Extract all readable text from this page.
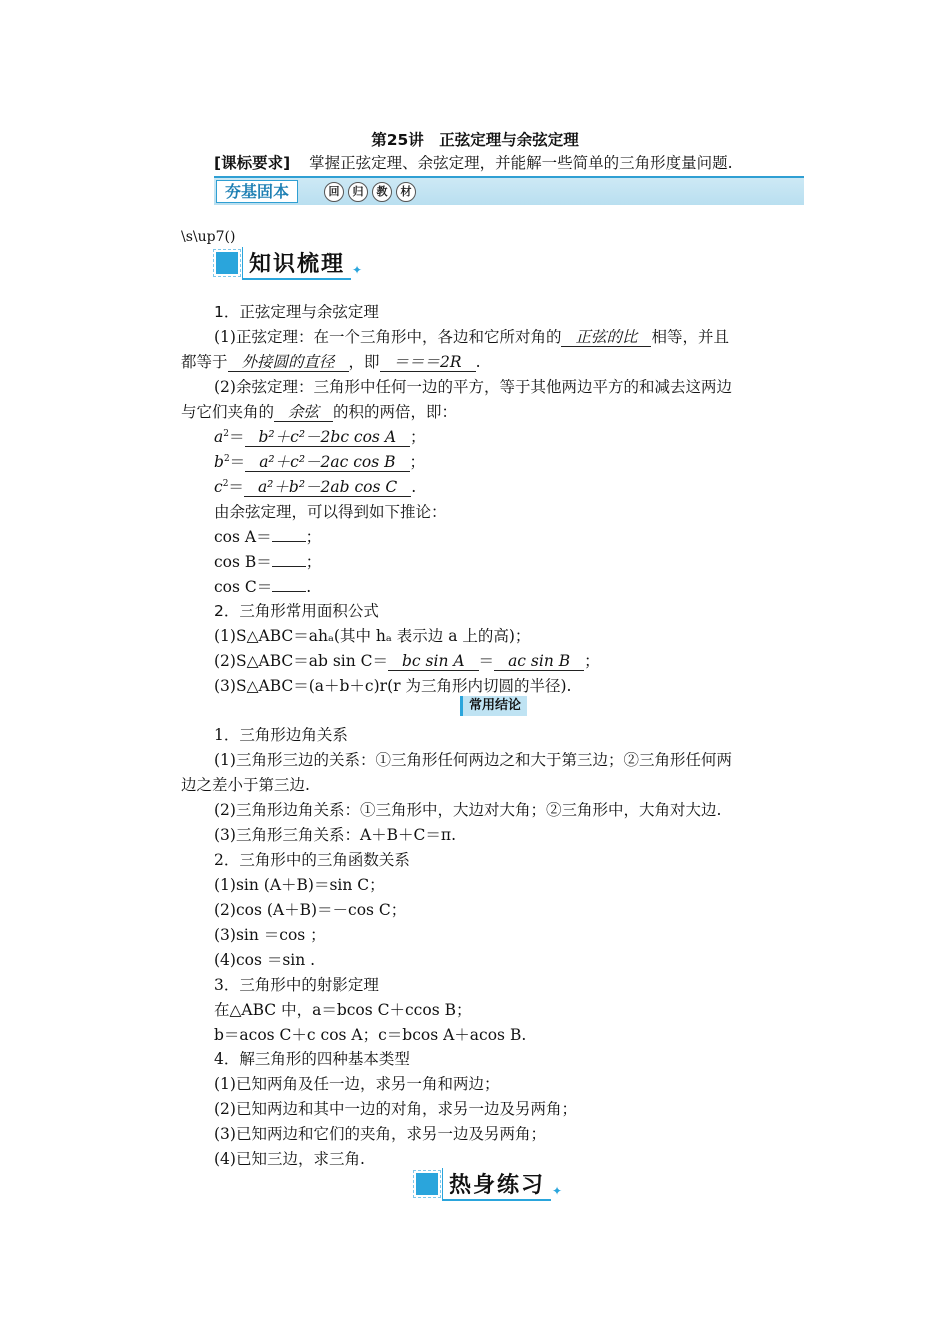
第25讲　正弦定理与余弦定理
[课标要求] 掌握正弦定理、余弦定理，并能解一些简单的三角形度量问题.
夯基固本	回	归	教	材
\s\up7()
知识梳理 ✦
1．正弦定理与余弦定理
(1)正弦定理：在一个三角形中，各边和它所对角的 正弦的比 相等，并且
都等于 外接圆的直径 ，即 ＝＝＝2R .
(2)余弦定理：三角形中任何一边的平方，等于其他两边平方的和减去这两边
与它们夹角的 余弦 的积的两倍，即：
$a^2= b^2+c^2-2bc$ cos A ；
$b^2= a^2+c^2-2ac$ cos B ；
$c^2= a^2+b^2-2ab$ cos C .
由余弦定理，可以得到如下推论：
cos A＝ ；
cos B＝ ；
cos C＝ .
2．三角形常用面积公式
(1)S△ABC＝ahₐ(其中 hₐ 表示边 a 上的高)；
(2)S△ABC＝ab sin C＝ bc sin A ＝ ac sin B ；
(3)S△ABC＝(a＋b＋c)r(r 为三角形内切圆的半径).
常用结论
1．三角形边角关系
(1)三角形三边的关系：①三角形任何两边之和大于第三边；②三角形任何两
边之差小于第三边.
(2)三角形边角关系：①三角形中，大边对大角；②三角形中，大角对大边.
(3)三角形三角关系：A＋B＋C＝π.
2．三角形中的三角函数关系
(1)sin (A＋B)＝sin C；
(2)cos (A＋B)＝－cos C；
(3)sin ＝cos ；
(4)cos ＝sin .
3．三角形中的射影定理
在△ABC 中，a＝bcos C＋ccos B；
b＝acos C＋c cos A；c＝bcos A＋acos B.
4．解三角形的四种基本类型
(1)已知两角及任一边，求另一角和两边；
(2)已知两边和其中一边的对角，求另一边及另两角；
(3)已知两边和它们的夹角，求另一边及另两角；
(4)已知三边，求三角.
热身练习 ✦
